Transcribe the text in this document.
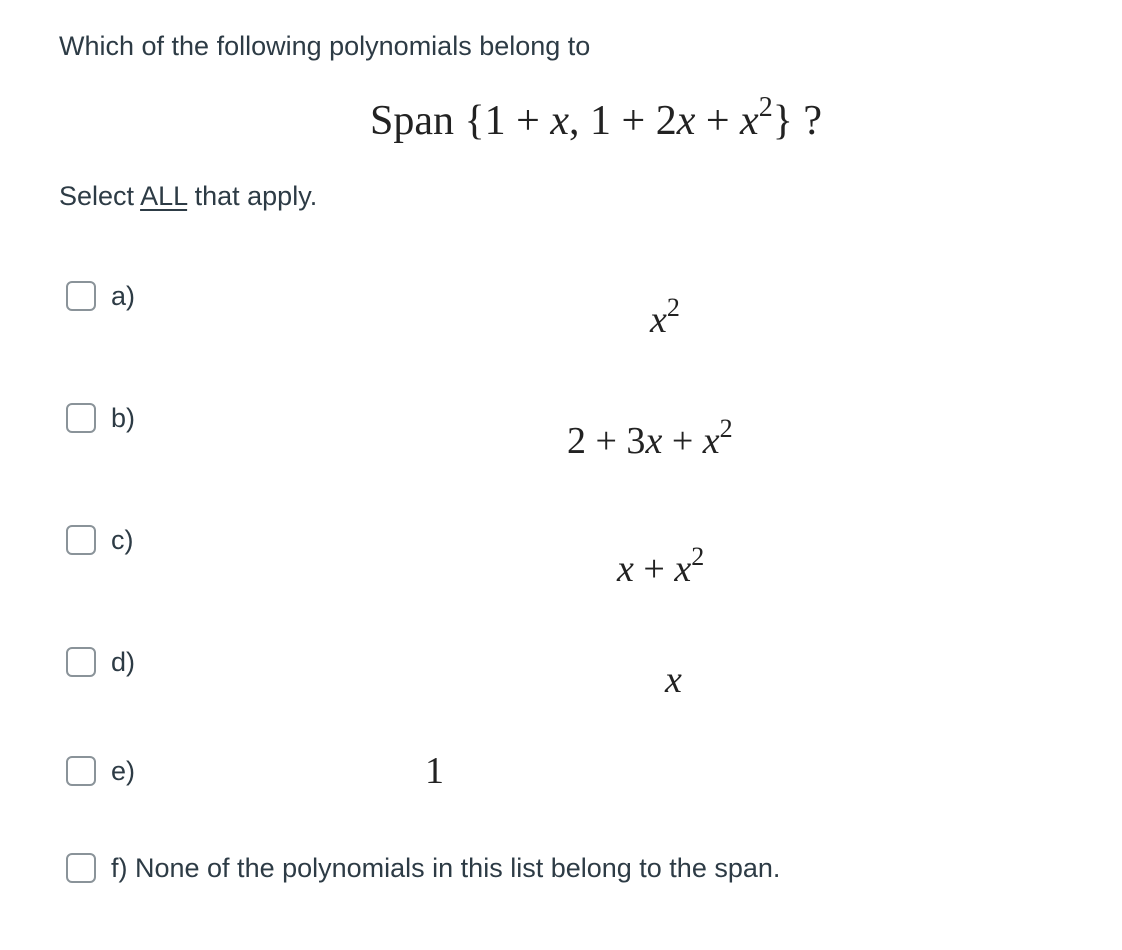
Which of the following polynomials belong to
Span {1 + x, $1 + 2x + x^2$} ?
Select ALL that apply.
a)
$x^2$
b)
$2 + 3x + x^2$
c)
$x + x^2$
d)	x
e)	1
f) None of the polynomials in this list belong to the span.
